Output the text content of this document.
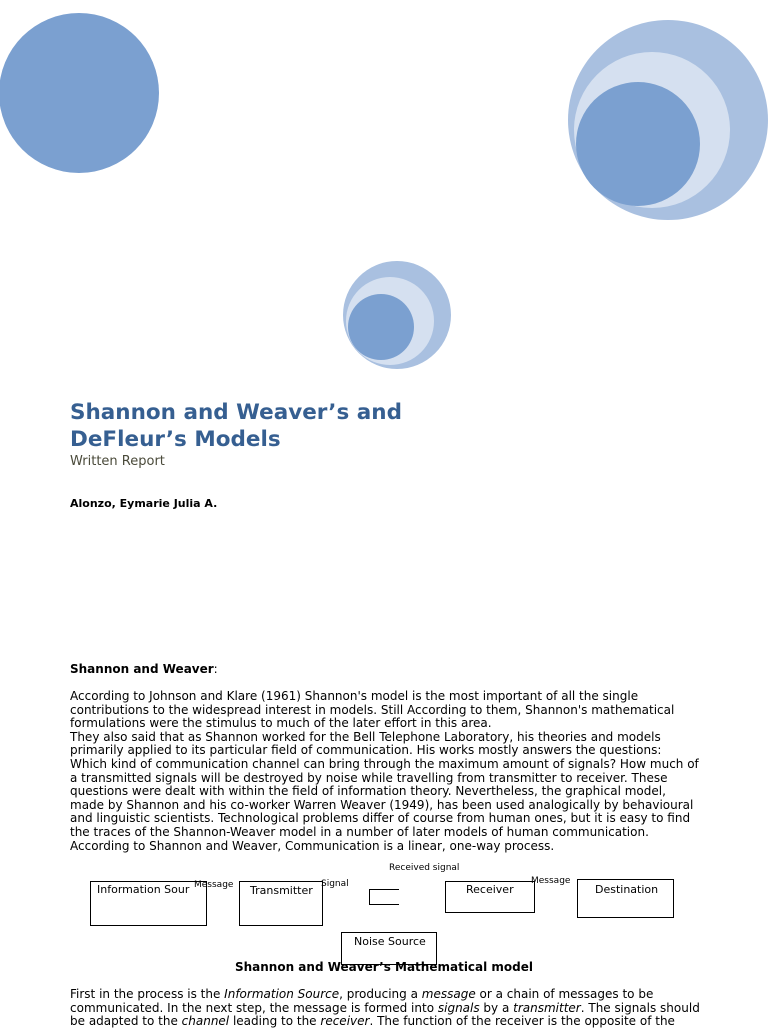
Shannon and Weaver’s and
DeFleur’s Models
Written Report
Alonzo, Eymarie Julia A.
Shannon and Weaver:

According to Johnson and Klare (1961) Shannon's model is the most important of all the single contributions to the widespread interest in models. Still According to them, Shannon's mathematical formulations were the stimulus to much of the later effort in this area.

They also said that as Shannon worked for the Bell Telephone Laboratory, his theories and models primarily applied to its particular field of communication. His works mostly answers the questions: Which kind of communication channel can bring through the maximum amount of signals? How much of a transmitted signals will be destroyed by noise while travelling from transmitter to receiver. These questions were dealt with within the field of information theory. Nevertheless, the graphical model, made by Shannon and his co-worker Warren Weaver (1949), has been used analogically by behavioural and linguistic scientists. Technological problems differ of course from human ones, but it is easy to find the traces of the Shannon-Weaver model in a number of later models of human communication.

According to Shannon and Weaver, Communication is a linear, one-way process.

Information Sour Message Transmitter Signal
Received signal
Receiver
Message
Destination
Noise Source
Shannon and Weaver’s Mathematical model

First in the process is the Information Source, producing a message or a chain of messages to be

communicated. In the next step, the message is formed into signals by a transmitter. The signals should

be adapted to the channel leading to the receiver. The function of the receiver is the opposite of the
